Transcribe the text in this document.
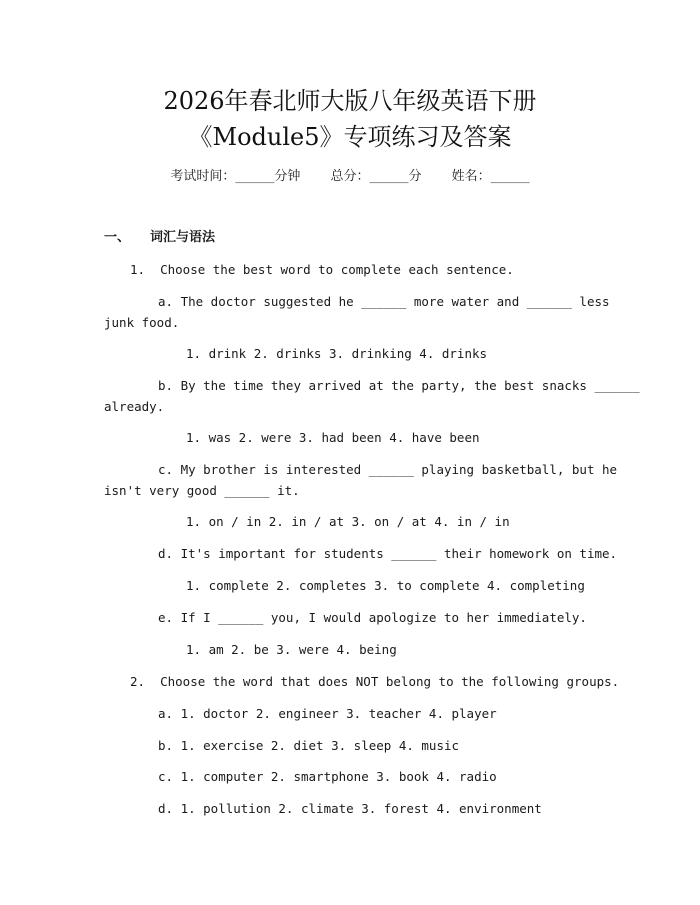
2026年春北师大版八年级英语下册
《Module5》专项练习及答案
考试时间：______分钟 总分：______分 姓名：______
一、 词汇与语法
1.  Choose the best word to complete each sentence.
a. The doctor suggested he ______ more water and ______ less
junk food.
1. drink 2. drinks 3. drinking 4. drinks
b. By the time they arrived at the party, the best snacks ______
already.
1. was 2. were 3. had been 4. have been
c. My brother is interested ______ playing basketball, but he
isn't very good ______ it.
1. on / in 2. in / at 3. on / at 4. in / in
d. It's important for students ______ their homework on time.
1. complete 2. completes 3. to complete 4. completing
e. If I ______ you, I would apologize to her immediately.
1. am 2. be 3. were 4. being
2.  Choose the word that does NOT belong to the following groups.
a. 1. doctor 2. engineer 3. teacher 4. player
b. 1. exercise 2. diet 3. sleep 4. music
c. 1. computer 2. smartphone 3. book 4. radio
d. 1. pollution 2. climate 3. forest 4. environment
